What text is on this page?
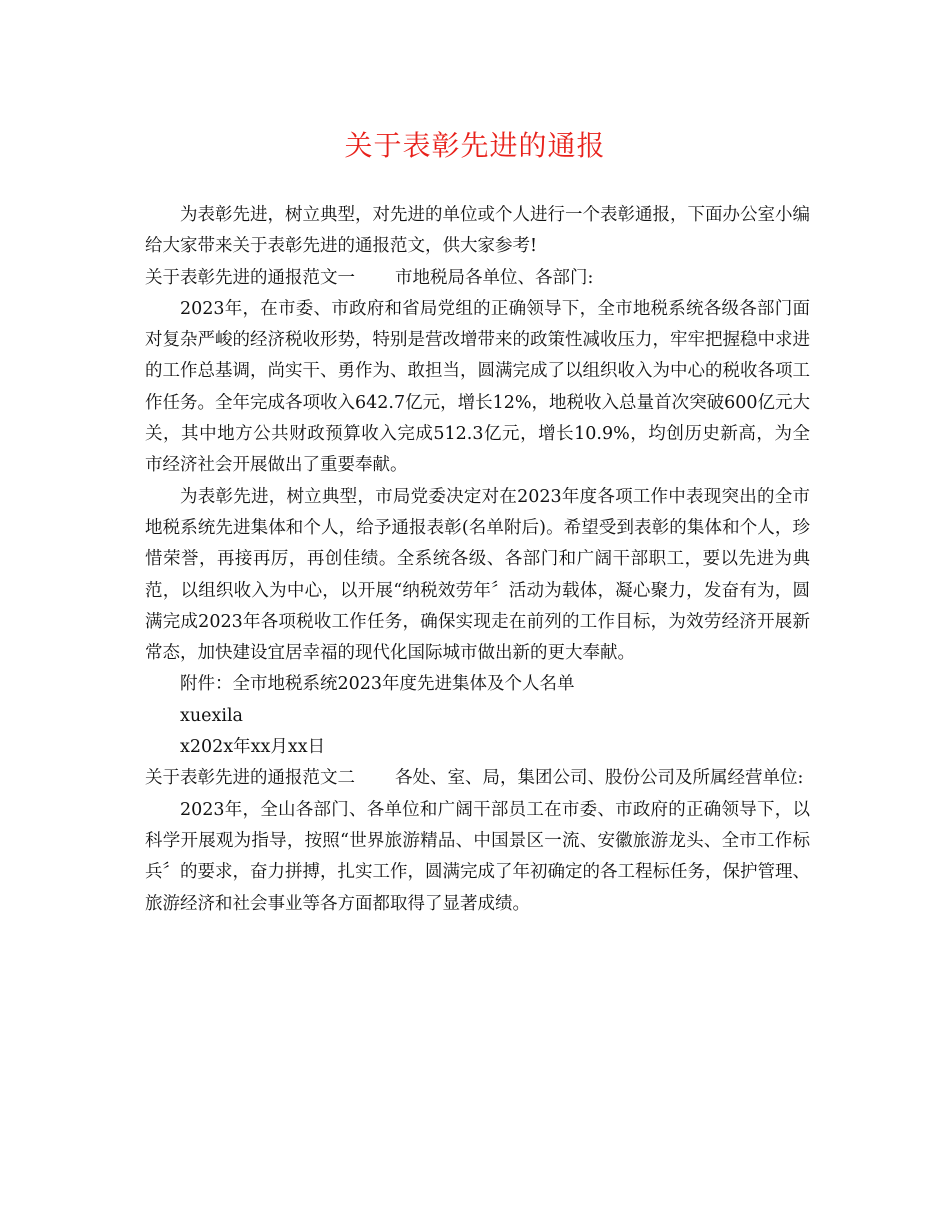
关于表彰先进的通报

为表彰先进，树立典型，对先进的单位或个人进行一个表彰通报，下面办公室小编给大家带来关于表彰先进的通报范文，供大家参考!

关于表彰先进的通报范文一 市地税局各单位、各部门:

2023年，在市委、市政府和省局党组的正确领导下，全市地税系统各级各部门面对复杂严峻的经济税收形势，特别是营改增带来的政策性减收压力，牢牢把握稳中求进的工作总基调，尚实干、勇作为、敢担当，圆满完成了以组织收入为中心的税收各项工作任务。全年完成各项收入642.7亿元，增长12%，地税收入总量首次突破600亿元大关，其中地方公共财政预算收入完成512.3亿元，增长10.9%，均创历史新高，为全市经济社会开展做出了重要奉献。

为表彰先进，树立典型，市局党委决定对在2023年度各项工作中表现突出的全市地税系统先进集体和个人，给予通报表彰(名单附后)。希望受到表彰的集体和个人，珍惜荣誉，再接再厉，再创佳绩。全系统各级、各部门和广阔干部职工，要以先进为典范，以组织收入为中心，以开展“纳税效劳年〞活动为载体，凝心聚力，发奋有为，圆满完成2023年各项税收工作任务，确保实现走在前列的工作目标，为效劳经济开展新常态，加快建设宜居幸福的现代化国际城市做出新的更大奉献。

附件：全市地税系统2023年度先进集体及个人名单

xuexila

x202x年xx月xx日

关于表彰先进的通报范文二 各处、室、局，集团公司、股份公司及所属经营单位:

2023年，全山各部门、各单位和广阔干部员工在市委、市政府的正确领导下，以科学开展观为指导，按照“世界旅游精品、中国景区一流、安徽旅游龙头、全市工作标兵〞的要求，奋力拼搏，扎实工作，圆满完成了年初确定的各工程标任务，保护管理、旅游经济和社会事业等各方面都取得了显著成绩。
